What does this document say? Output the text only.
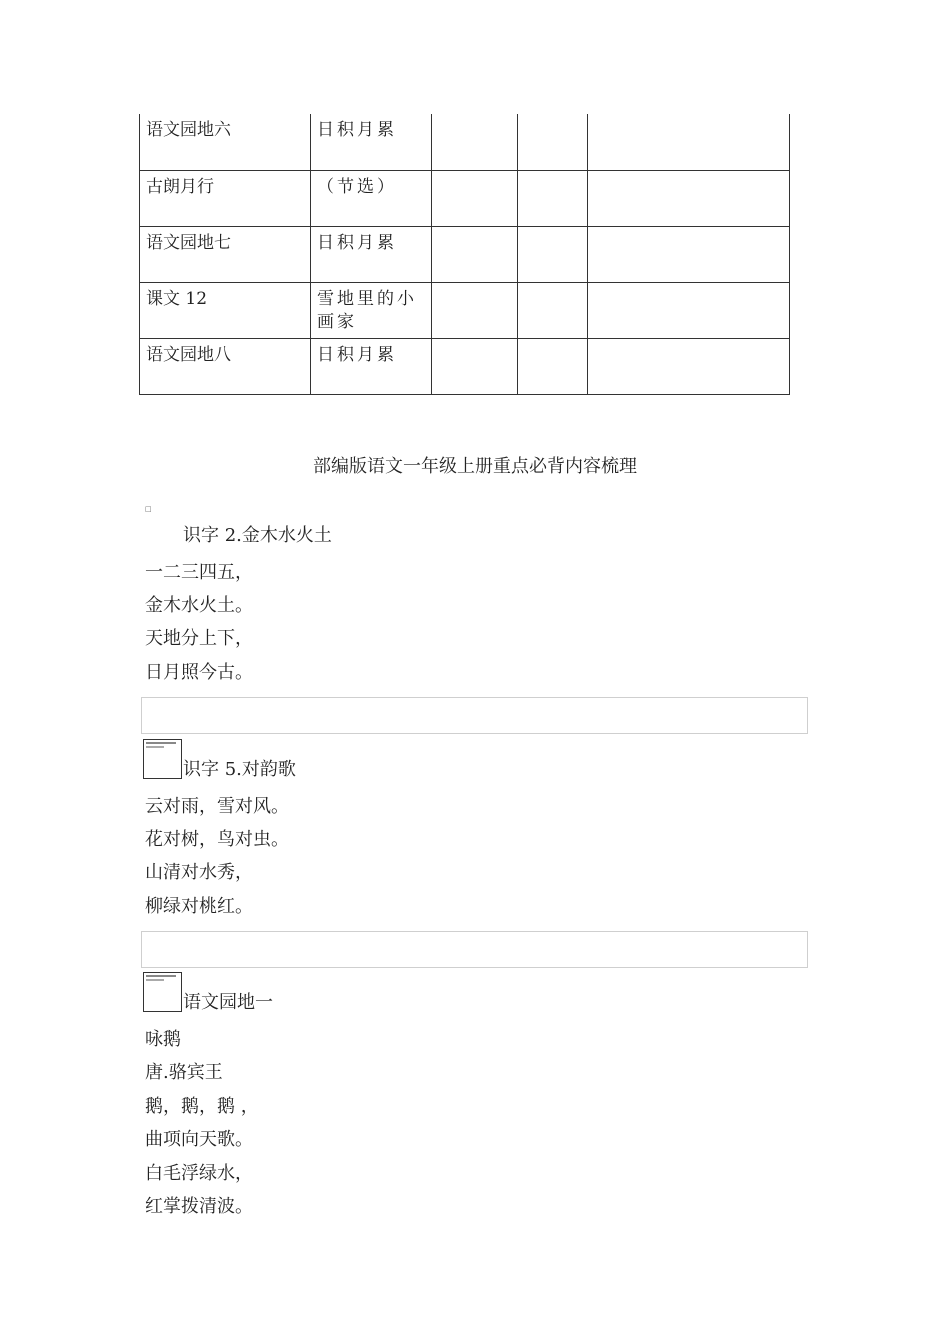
语文园地六	日积月累			
古朗月行	（节选）			
语文园地七	日积月累			
课文 12	雪地里的小画家			
语文园地八	日积月累			
部编版语文一年级上册重点必背内容梳理
□
识字 2.金木水火土
一二三四五，
金木水火土。
天地分上下，
日月照今古。
识字 5.对韵歌
云对雨，雪对风。
花对树，鸟对虫。
山清对水秀，
柳绿对桃红。
语文园地一
咏鹅
唐.骆宾王
鹅，鹅，鹅 ，
曲项向天歌。
白毛浮绿水，
红掌拨清波。
